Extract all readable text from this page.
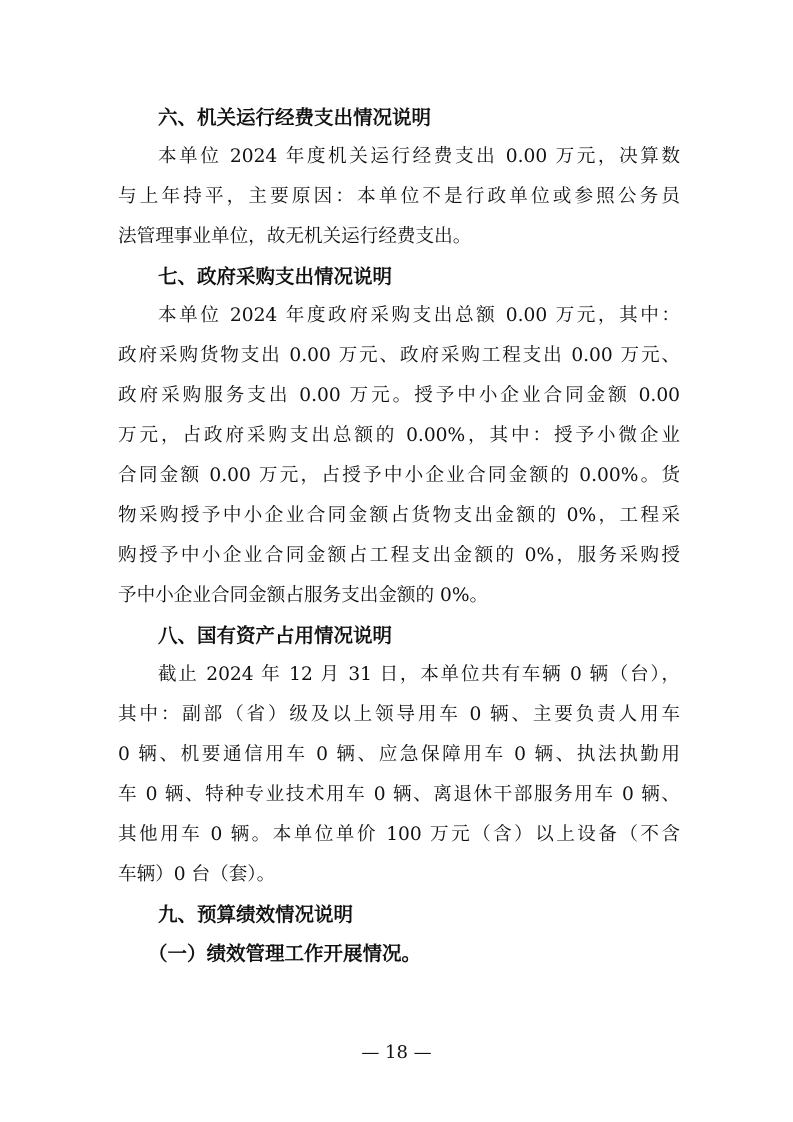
六、机关运行经费支出情况说明
本单位 2024 年度机关运行经费支出 0.00 万元，决算数
与上年持平，主要原因：本单位不是行政单位或参照公务员
法管理事业单位，故无机关运行经费支出。
七、政府采购支出情况说明
本单位 2024 年度政府采购支出总额 0.00 万元，其中：
政府采购货物支出 0.00 万元、政府采购工程支出 0.00 万元、
政府采购服务支出 0.00 万元。授予中小企业合同金额 0.00
万元，占政府采购支出总额的 0.00%，其中：授予小微企业
合同金额 0.00 万元，占授予中小企业合同金额的 0.00%。货
物采购授予中小企业合同金额占货物支出金额的 0%，工程采
购授予中小企业合同金额占工程支出金额的 0%，服务采购授
予中小企业合同金额占服务支出金额的 0%。
八、国有资产占用情况说明
截止 2024 年 12 月 31 日，本单位共有车辆 0 辆（台），
其中：副部（省）级及以上领导用车 0 辆、主要负责人用车
0 辆、机要通信用车 0 辆、应急保障用车 0 辆、执法执勤用
车 0 辆、特种专业技术用车 0 辆、离退休干部服务用车 0 辆、
其他用车 0 辆。本单位单价 100 万元（含）以上设备（不含
车辆）0 台（套）。
九、预算绩效情况说明
（一）绩效管理工作开展情况。
— 18 —
